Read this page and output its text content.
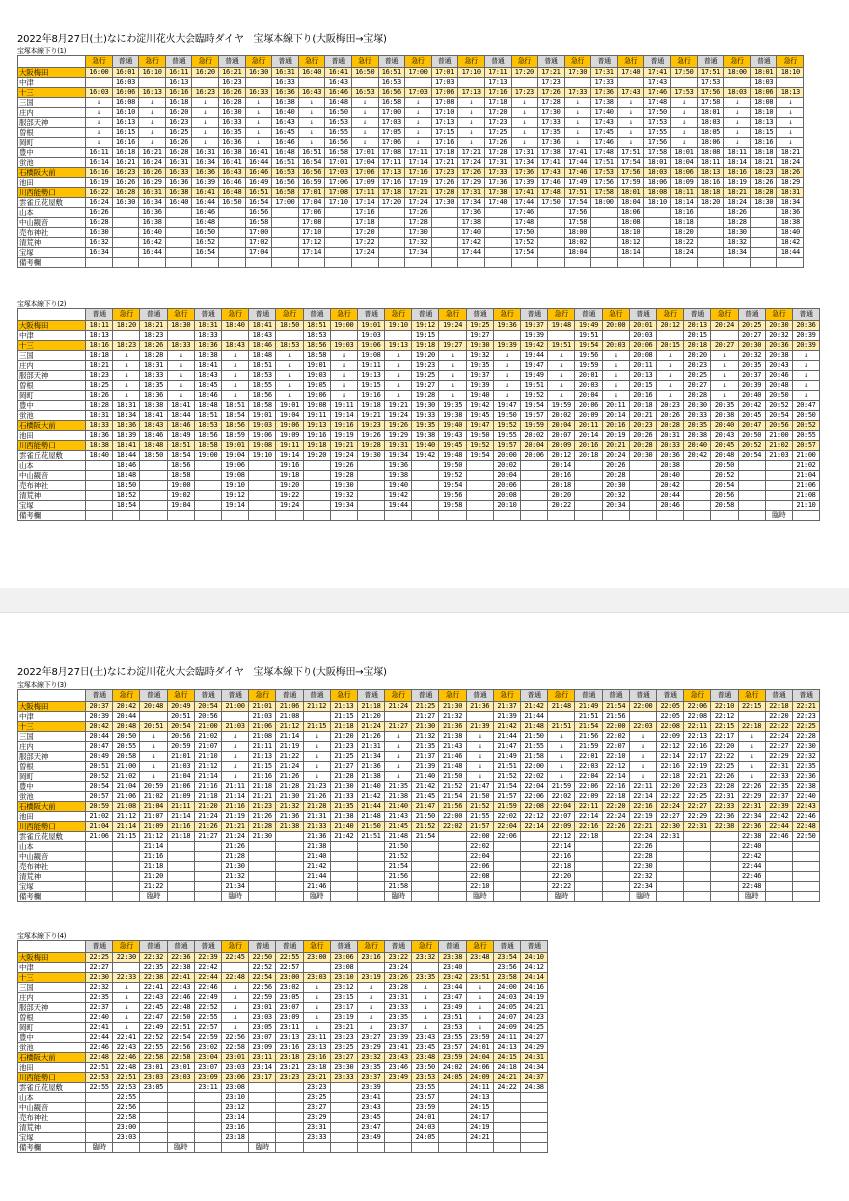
2022年8月27日(土)なにわ淀川花火大会臨時ダイヤ　宝塚本線下り(大阪梅田→宝塚)
宝塚本線下り(1)
	急行	普通	急行	普通	急行	普通	急行	普通	急行	普通	急行	普通	急行	普通	急行	普通	急行	普通	急行	普通	急行	普通	急行	普通	急行	普通	急行
大阪梅田	16:00	16:01	16:10	16:11	16:20	16:21	16:30	16:31	16:40	16:41	16:50	16:51	17:00	17:01	17:10	17:11	17:20	17:21	17:30	17:31	17:40	17:41	17:50	17:51	18:00	18:01	18:10
中津		16:03		16:13		16:23		16:33		16:43		16:53		17:03		17:13		17:23		17:33		17:43		17:53		18:03	
十三	16:03	16:06	16:13	16:16	16:23	16:26	16:33	16:36	16:43	16:46	16:53	16:56	17:03	17:06	17:13	17:16	17:23	17:26	17:33	17:36	17:43	17:46	17:53	17:56	18:03	18:06	18:13
三国	↓	16:08	↓	16:18	↓	16:28	↓	16:38	↓	16:48	↓	16:58	↓	17:08	↓	17:18	↓	17:28	↓	17:38	↓	17:48	↓	17:58	↓	18:08	↓
庄内	↓	16:10	↓	16:20	↓	16:30	↓	16:40	↓	16:50	↓	17:00	↓	17:10	↓	17:20	↓	17:30	↓	17:40	↓	17:50	↓	18:01	↓	18:10	↓
服部天神	↓	16:13	↓	16:23	↓	16:33	↓	16:43	↓	16:53	↓	17:03	↓	17:13	↓	17:23	↓	17:33	↓	17:43	↓	17:53	↓	18:03	↓	18:13	↓
曽根	↓	16:15	↓	16:25	↓	16:35	↓	16:45	↓	16:55	↓	17:05	↓	17:15	↓	17:25	↓	17:35	↓	17:45	↓	17:55	↓	18:05	↓	18:15	↓
岡町	↓	16:16	↓	16:26	↓	16:36	↓	16:46	↓	16:56	↓	17:06	↓	17:16	↓	17:26	↓	17:36	↓	17:46	↓	17:56	↓	18:06	↓	18:16	↓
豊中	16:11	16:18	16:21	16:28	16:31	16:38	16:41	16:48	16:51	16:58	17:01	17:08	17:11	17:18	17:21	17:28	17:31	17:38	17:41	17:48	17:51	17:58	18:01	18:08	18:11	18:18	18:21
蛍池	16:14	16:21	16:24	16:31	16:34	16:41	16:44	16:51	16:54	17:01	17:04	17:11	17:14	17:21	17:24	17:31	17:34	17:41	17:44	17:51	17:54	18:01	18:04	18:11	18:14	18:21	18:24
石橋阪大前	16:16	16:23	16:26	16:33	16:36	16:43	16:46	16:53	16:56	17:03	17:06	17:13	17:16	17:23	17:26	17:33	17:36	17:43	17:46	17:53	17:56	18:03	18:06	18:13	18:16	18:23	18:26
池田	16:19	16:26	16:29	16:36	16:39	16:46	16:49	16:56	16:59	17:06	17:09	17:16	17:19	17:26	17:29	17:36	17:39	17:46	17:49	17:56	17:59	18:06	18:09	18:16	18:19	18:26	18:29
川西能勢口	16:22	16:28	16:31	16:38	16:41	16:48	16:51	16:58	17:01	17:08	17:11	17:18	17:21	17:28	17:31	17:38	17:41	17:48	17:51	17:58	18:01	18:08	18:11	18:18	18:21	18:28	18:31
雲雀丘花屋敷	16:24	16:30	16:34	16:40	16:44	16:50	16:54	17:00	17:04	17:10	17:14	17:20	17:24	17:30	17:34	17:40	17:44	17:50	17:54	18:00	18:04	18:10	18:14	18:20	18:24	18:30	18:34
山本	16:26		16:36		16:46		16:56		17:06		17:16		17:26		17:36		17:46		17:56		18:06		18:16		18:26		18:36
中山観音	16:28		16:38		16:48		16:58		17:08		17:18		17:28		17:38		17:48		17:58		18:08		18:18		18:28		18:38
売布神社	16:30		16:40		16:50		17:00		17:10		17:20		17:30		17:40		17:50		18:00		18:10		18:20		18:30		18:40
清荒神	16:32		16:42		16:52		17:02		17:12		17:22		17:32		17:42		17:52		18:02		18:12		18:22		18:32		18:42
宝塚	16:34		16:44		16:54		17:04		17:14		17:24		17:34		17:44		17:54		18:04		18:14		18:24		18:34		18:44
備考欄																											
宝塚本線下り(2)
	普通	急行	普通	急行	普通	急行	普通	急行	普通	急行	普通	急行	普通	急行	普通	急行	普通	急行	普通	急行	普通	急行	普通	急行	普通	急行	普通
大阪梅田	18:11	18:20	18:21	18:30	18:31	18:40	18:41	18:50	18:51	19:00	19:01	19:10	19:12	19:24	19:25	19:36	19:37	19:48	19:49	20:00	20:01	20:12	20:13	20:24	20:25	20:30	20:36
中津	18:13		18:23		18:33		18:43		18:53		19:03		19:15		19:27		19:39		19:51		20:03		20:15		20:27	20:32	20:39
十三	18:16	18:23	18:26	18:33	18:36	18:43	18:46	18:53	18:56	19:03	19:06	19:13	19:18	19:27	19:30	19:39	19:42	19:51	19:54	20:03	20:06	20:15	20:18	20:27	20:30	20:36	20:39
三国	18:18	↓	18:28	↓	18:38	↓	18:48	↓	18:58	↓	19:08	↓	19:20	↓	19:32	↓	19:44	↓	19:56	↓	20:08	↓	20:20	↓	20:32	20:38	↓
庄内	18:21	↓	18:31	↓	18:41	↓	18:51	↓	19:01	↓	19:11	↓	19:23	↓	19:35	↓	19:47	↓	19:59	↓	20:11	↓	20:23	↓	20:35	20:43	↓
服部天神	18:23	↓	18:33	↓	18:43	↓	18:53	↓	19:03	↓	19:13	↓	19:25	↓	19:37	↓	19:49	↓	20:01	↓	20:13	↓	20:25	↓	20:37	20:46	↓
曽根	18:25	↓	18:35	↓	18:45	↓	18:55	↓	19:05	↓	19:15	↓	19:27	↓	19:39	↓	19:51	↓	20:03	↓	20:15	↓	20:27	↓	20:39	20:48	↓
岡町	18:26	↓	18:36	↓	18:46	↓	18:56	↓	19:06	↓	19:16	↓	19:28	↓	19:40	↓	19:52	↓	20:04	↓	20:16	↓	20:28	↓	20:40	20:50	↓
豊中	18:28	18:31	18:38	18:41	18:48	18:51	18:58	19:01	19:08	19:11	19:18	19:21	19:30	19:35	19:42	19:47	19:54	19:59	20:06	20:11	20:18	20:23	20:30	20:35	20:42	20:52	20:47
蛍池	18:31	18:34	18:41	18:44	18:51	18:54	19:01	19:04	19:11	19:14	19:21	19:24	19:33	19:38	19:45	19:50	19:57	20:02	20:09	20:14	20:21	20:26	20:33	20:38	20:45	20:54	20:50
石橋阪大前	18:33	18:36	18:43	18:46	18:53	18:56	19:03	19:06	19:13	19:16	19:23	19:26	19:35	19:40	19:47	19:52	19:59	20:04	20:11	20:16	20:23	20:28	20:35	20:40	20:47	20:56	20:52
池田	18:36	18:39	18:46	18:49	18:56	18:59	19:06	19:09	19:16	19:19	19:26	19:29	19:38	19:43	19:50	19:55	20:02	20:07	20:14	20:19	20:26	20:31	20:38	20:43	20:50	21:00	20:55
川西能勢口	18:38	18:41	18:48	18:51	18:58	19:01	19:08	19:11	19:18	19:21	19:28	19:31	19:40	19:45	19:52	19:57	20:04	20:09	20:16	20:21	20:28	20:33	20:40	20:45	20:52	21:02	20:57
雲雀丘花屋敷	18:40	18:44	18:50	18:54	19:00	19:04	19:10	19:14	19:20	19:24	19:30	19:34	19:42	19:48	19:54	20:00	20:06	20:12	20:18	20:24	20:30	20:36	20:42	20:48	20:54	21:03	21:00
山本		18:46		18:56		19:06		19:16		19:26		19:36		19:50		20:02		20:14		20:26		20:38		20:50			21:02
中山観音		18:48		18:58		19:08		19:18		19:28		19:38		19:52		20:04		20:16		20:28		20:40		20:52			21:04
売布神社		18:50		19:00		19:10		19:20		19:30		19:40		19:54		20:06		20:18		20:30		20:42		20:54			21:06
清荒神		18:52		19:02		19:12		19:22		19:32		19:42		19:56		20:08		20:20		20:32		20:44		20:56			21:08
宝塚		18:54		19:04		19:14		19:24		19:34		19:44		19:58		20:10		20:22		20:34		20:46		20:58			21:10
備考欄																										臨時	
2022年8月27日(土)なにわ淀川花火大会臨時ダイヤ　宝塚本線下り(大阪梅田→宝塚)
宝塚本線下り(3)
	普通	急行	普通	急行	普通	普通	急行	普通	普通	急行	普通	急行	普通	急行	普通	急行	普通	急行	普通	普通	普通	普通	急行	普通	急行	普通	普通
大阪梅田	20:37	20:42	20:48	20:49	20:54	21:00	21:01	21:06	21:12	21:13	21:18	21:24	21:25	21:30	21:36	21:37	21:42	21:48	21:49	21:54	22:00	22:05	22:06	22:10	22:15	22:18	22:21
中津	20:39	20:44		20:51	20:56		21:03	21:08		21:15	21:20		21:27	21:32		21:39	21:44		21:51	21:56		22:05	22:08	22:12		22:20	22:23
十三	20:42	20:48	20:51	20:54	21:00	21:03	21:06	21:12	21:15	21:18	21:24	21:27	21:30	21:36	21:39	21:42	21:48	21:51	21:54	22:00	22:03	22:08	22:11	22:15	22:18	22:22	22:25
三国	20:44	20:50	↓	20:56	21:02	↓	21:08	21:14	↓	21:20	21:26	↓	21:32	21:38	↓	21:44	21:50	↓	21:56	22:02	↓	22:09	22:13	22:17	↓	22:24	22:28
庄内	20:47	20:55	↓	20:59	21:07	↓	21:11	21:19	↓	21:23	21:31	↓	21:35	21:43	↓	21:47	21:55	↓	21:59	22:07	↓	22:12	22:16	22:20	↓	22:27	22:30
服部天神	20:49	20:58	↓	21:01	21:10	↓	21:13	21:22	↓	21:25	21:34	↓	21:37	21:46	↓	21:49	21:58	↓	22:01	22:10	↓	22:14	22:17	22:22	↓	22:29	22:32
曽根	20:51	21:00	↓	21:03	21:12	↓	21:15	21:24	↓	21:27	21:36	↓	21:39	21:48	↓	21:51	22:00	↓	22:03	22:12	↓	22:16	22:19	22:25	↓	22:31	22:35
岡町	20:52	21:02	↓	21:04	21:14	↓	21:16	21:26	↓	21:28	21:38	↓	21:40	21:50	↓	21:52	22:02	↓	22:04	22:14	↓	22:18	22:21	22:26	↓	22:33	22:36
豊中	20:54	21:04	20:59	21:06	21:16	21:11	21:18	21:28	21:23	21:30	21:40	21:35	21:42	21:52	21:47	21:54	22:04	21:59	22:06	22:16	22:11	22:20	22:23	22:28	22:26	22:35	22:38
蛍池	20:57	21:06	21:02	21:09	21:18	21:14	21:21	21:30	21:26	21:33	21:42	21:38	21:45	21:54	21:50	21:57	22:06	22:02	22:09	22:18	22:14	22:22	22:25	22:31	22:29	22:37	22:40
石橋阪大前	20:59	21:08	21:04	21:11	21:20	21:16	21:23	21:32	21:28	21:35	21:44	21:40	21:47	21:56	21:52	21:59	22:08	22:04	22:11	22:20	22:16	22:24	22:27	22:33	22:31	22:39	22:43
池田	21:02	21:12	21:07	21:14	21:24	21:19	21:26	21:36	21:31	21:38	21:48	21:43	21:50	22:00	21:55	22:02	22:12	22:07	22:14	22:24	22:19	22:27	22:29	22:36	22:34	22:42	22:46
川西能勢口	21:04	21:14	21:09	21:16	21:26	21:21	21:28	21:38	21:33	21:40	21:50	21:45	21:52	22:02	21:57	22:04	22:14	22:09	22:16	22:26	22:21	22:30	22:31	22:38	22:36	22:44	22:48
雲雀丘花屋敷	21:06	21:15	21:12	21:18	21:27	21:24	21:30		21:36	21:42	21:51	21:48	21:54		22:00	22:06		22:12	22:18		22:24	22:31			22:38	22:46	22:50
山本			21:14			21:26			21:38			21:50			22:02			22:14			22:26				22:40		
中山観音			21:16			21:28			21:40			21:52			22:04			22:16			22:28				22:42		
売布神社			21:18			21:30			21:42			21:54			22:06			22:18			22:30				22:44		
清荒神			21:20			21:32			21:44			21:56			22:08			22:20			22:32				22:46		
宝塚			21:22			21:34			21:46			21:58			22:10			22:22			22:34				22:48		
備考欄			臨時			臨時			臨時			臨時			臨時			臨時			臨時				臨時		
宝塚本線下り(4)
	普通	急行	普通	普通	普通	急行	普通	普通	急行	普通	急行	普通	急行	普通	急行	普通	普通
大阪梅田	22:25	22:30	22:32	22:36	22:39	22:45	22:50	22:55	23:00	23:06	23:16	23:22	23:32	23:38	23:48	23:54	24:10
中津	22:27		22:35	22:38	22:42		22:52	22:57		23:08		23:24		23:40		23:56	24:12
十三	22:30	22:33	22:38	22:41	22:44	22:48	22:54	23:00	23:03	23:10	23:19	23:26	23:35	23:42	23:51	23:58	24:14
三国	22:32	↓	22:41	22:43	22:46	↓	22:56	23:02	↓	23:12	↓	23:28	↓	23:44	↓	24:00	24:16
庄内	22:35	↓	22:43	22:46	22:49	↓	22:59	23:05	↓	23:15	↓	23:31	↓	23:47	↓	24:03	24:19
服部天神	22:37	↓	22:45	22:48	22:52	↓	23:01	23:07	↓	23:17	↓	23:33	↓	23:49	↓	24:05	24:21
曽根	22:40	↓	22:47	22:50	22:55	↓	23:03	23:09	↓	23:19	↓	23:35	↓	23:51	↓	24:07	24:23
岡町	22:41	↓	22:49	22:51	22:57	↓	23:05	23:11	↓	23:21	↓	23:37	↓	23:53	↓	24:09	24:25
豊中	22:44	22:41	22:52	22:54	22:59	22:56	23:07	23:13	23:11	23:23	23:27	23:39	23:43	23:55	23:59	24:11	24:27
蛍池	22:46	22:43	22:55	22:56	23:02	22:58	23:09	23:16	23:13	23:25	23:29	23:41	23:45	23:57	24:01	24:13	24:29
石橋阪大前	22:48	22:46	22:58	22:58	23:04	23:01	23:11	23:18	23:16	23:27	23:32	23:43	23:48	23:59	24:04	24:15	24:31
池田	22:51	22:48	23:01	23:01	23:07	23:03	23:14	23:21	23:18	23:30	23:35	23:46	23:50	24:02	24:06	24:18	24:34
川西能勢口	22:53	22:51	23:03	23:03	23:09	23:06	23:17	23:23	23:21	23:33	23:37	23:49	23:53	24:05	24:09	24:21	24:37
雲雀丘花屋敷	22:55	22:53	23:05		23:11	23:08			23:23		23:39		23:55		24:11	24:22	24:38
山本		22:55				23:10			23:25		23:41		23:57		24:13		
中山観音		22:56				23:12			23:27		23:43		23:59		24:15		
売布神社		22:58				23:14			23:29		23:45		24:01		24:17		
清荒神		23:00				23:16			23:31		23:47		24:03		24:19		
宝塚		23:03				23:18			23:33		23:49		24:05		24:21		
備考欄	臨時			臨時			臨時										
